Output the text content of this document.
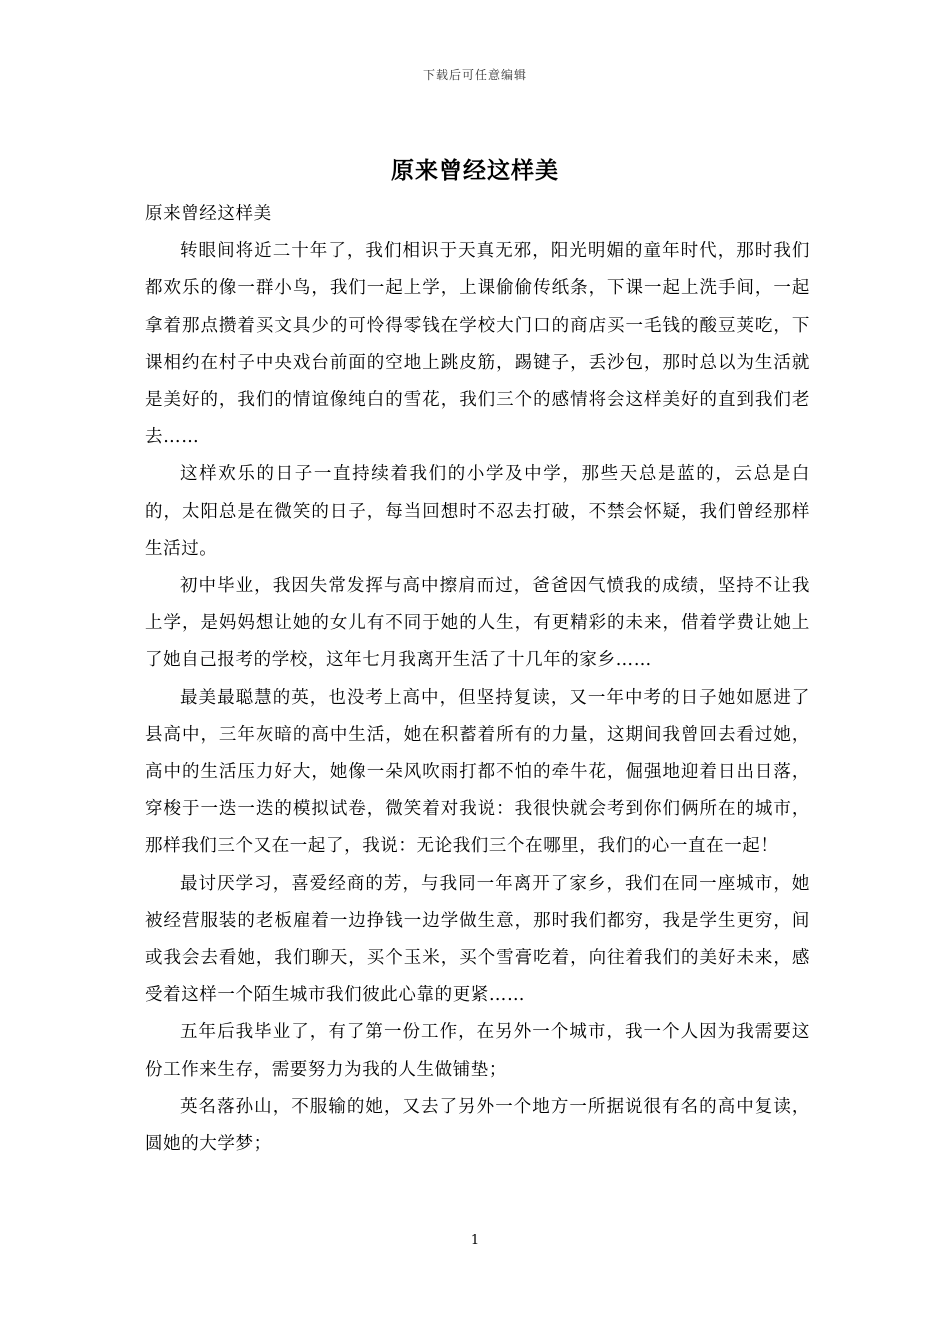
下载后可任意编辑
原来曾经这样美

原来曾经这样美

转眼间将近二十年了，我们相识于天真无邪，阳光明媚的童年时代，那时我们都欢乐的像一群小鸟，我们一起上学，上课偷偷传纸条，下课一起上洗手间，一起拿着那点攒着买文具少的可怜得零钱在学校大门口的商店买一毛钱的酸豆荚吃，下课相约在村子中央戏台前面的空地上跳皮筋，踢键子，丢沙包，那时总以为生活就是美好的，我们的情谊像纯白的雪花，我们三个的感情将会这样美好的直到我们老去……

这样欢乐的日子一直持续着我们的小学及中学，那些天总是蓝的，云总是白的，太阳总是在微笑的日子，每当回想时不忍去打破，不禁会怀疑，我们曾经那样生活过。

初中毕业，我因失常发挥与高中擦肩而过，爸爸因气愤我的成绩，坚持不让我上学，是妈妈想让她的女儿有不同于她的人生，有更精彩的未来，借着学费让她上了她自己报考的学校，这年七月我离开生活了十几年的家乡……

最美最聪慧的英，也没考上高中，但坚持复读，又一年中考的日子她如愿进了县高中，三年灰暗的高中生活，她在积蓄着所有的力量，这期间我曾回去看过她，高中的生活压力好大，她像一朵风吹雨打都不怕的牵牛花，倔强地迎着日出日落，穿梭于一迭一迭的模拟试卷，微笑着对我说：我很快就会考到你们俩所在的城市，那样我们三个又在一起了，我说：无论我们三个在哪里，我们的心一直在一起！

最讨厌学习，喜爱经商的芳，与我同一年离开了家乡，我们在同一座城市，她被经营服装的老板雇着一边挣钱一边学做生意，那时我们都穷，我是学生更穷，间或我会去看她，我们聊天，买个玉米，买个雪膏吃着，向往着我们的美好未来，感受着这样一个陌生城市我们彼此心靠的更紧……

五年后我毕业了，有了第一份工作，在另外一个城市，我一个人因为我需要这份工作来生存，需要努力为我的人生做铺垫；

英名落孙山，不服输的她，又去了另外一个地方一所据说很有名的高中复读，圆她的大学梦；

1
